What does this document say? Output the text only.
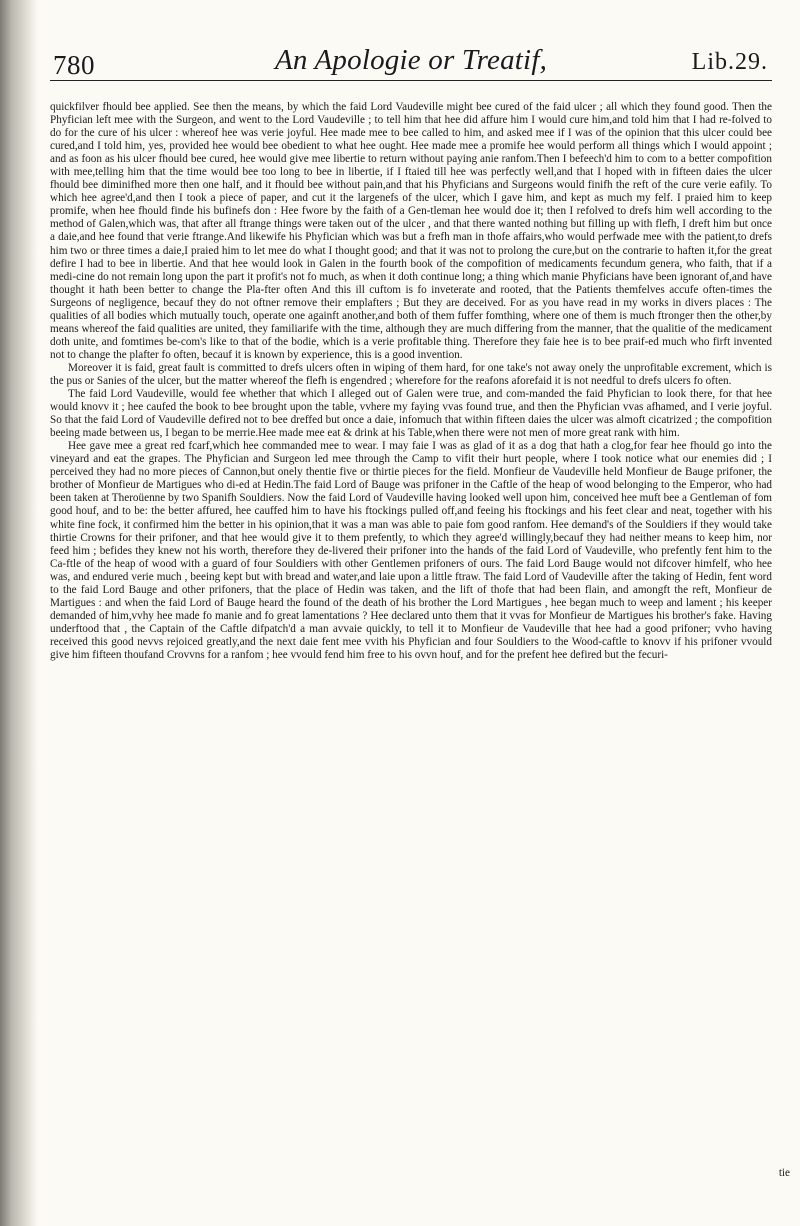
780	An Apologie or Treatif,	Lib.29.

quickfilver fhould bee applied. See then the means, by which the faid Lord Vaudeville might bee cured of the faid ulcer ; all which they found good. Then the Phyfician left mee with the Surgeon, and went to the Lord Vaudeville ; to tell him that hee did affure him I would cure him,and told him that I had re-folved to do for the cure of his ulcer : whereof hee was verie joyful. Hee made mee to bee called to him, and asked mee if I was of the opinion that this ulcer could bee cured,and I told him, yes, provided hee would bee obedient to what hee ought. Hee made mee a promife hee would perform all things which I would appoint ; and as foon as his ulcer fhould bee cured, hee would give mee libertie to return without paying anie ranfom.Then I befeech'd him to com to a better compofition with mee,telling him that the time would bee too long to bee in libertie, if I ftaied till hee was perfectly well,and that I hoped with in fifteen daies the ulcer fhould bee diminifhed more then one half, and it fhould bee without pain,and that his Phyficians and Surgeons would finifh the reft of the cure verie eafily. To which hee agree'd,and then I took a piece of paper, and cut it the largenefs of the ulcer, which I gave him, and kept as much my felf. I praied him to keep promife, when hee fhould finde his bufinefs don : Hee fwore by the faith of a Gen-tleman hee would doe it; then I refolved to drefs him well according to the method of Galen,which was, that after all ftrange things were taken out of the ulcer , and that there wanted nothing but filling up with flefh, I dreft him but once a daie,and hee found that verie ftrange.And likewife his Phyfician which was but a frefh man in thofe affairs,who would perfwade mee with the patient,to drefs him two or three times a daie,I praied him to let mee do what I thought good; and that it was not to prolong the cure,but on the contrarie to haften it,for the great defire I had to bee in libertie. And that hee would look in Galen in the fourth book of the compofition of medicaments fecundum genera, who faith, that if a medi-cine do not remain long upon the part it profit's not fo much, as when it doth continue long; a thing which manie Phyficians have been ignorant of,and have thought it hath been better to change the Pla-fter often And this ill cuftom is fo inveterate and rooted, that the Patients themfelves accufe often-times the Surgeons of negligence, becauf they do not oftner remove their emplafters ; But they are deceived. For as you have read in my works in divers places : The qualities of all bodies which mutually touch, operate one againft another,and both of them fuffer fomthing, where one of them is much ftronger then the other,by means whereof the faid qualities are united, they familiarife with the time, although they are much differing from the manner, that the qualitie of the medicament doth unite, and fomtimes be-com's like to that of the bodie, which is a verie profitable thing. Therefore they faie hee is to bee praif-ed much who firft invented not to change the plafter fo often, becauf it is known by experience, this is a good invention.

Moreover it is faid, great fault is committed to drefs ulcers often in wiping of them hard, for one take's not away onely the unprofitable excrement, which is the pus or Sanies of the ulcer, but the matter whereof the flefh is engendred ; wherefore for the reafons aforefaid it is not needful to drefs ulcers fo often.

The faid Lord Vaudeville, would fee whether that which I alleged out of Galen were true, and com-manded the faid Phyfician to look there, for that hee would knovv it ; hee caufed the book to bee brought upon the table, vvhere my faying vvas found true, and then the Phyfician vvas afhamed, and I verie joyful. So that the faid Lord of Vaudeville defired not to bee dreffed but once a daie, infomuch that within fifteen daies the ulcer was almoft cicatrized ; the compofition beeing made between us, I began to be merrie.Hee made mee eat & drink at his Table,when there were not men of more great rank with him.

Hee gave mee a great red fcarf,which hee commanded mee to wear. I may faie I was as glad of it as a dog that hath a clog,for fear hee fhould go into the vineyard and eat the grapes. The Phyfician and Surgeon led mee through the Camp to vifit their hurt people, where I took notice what our enemies did ; I perceived they had no more pieces of Cannon,but onely thentie five or thirtie pieces for the field. Monfieur de Vaudeville held Monfieur de Bauge prifoner, the brother of Monfieur de Martigues who di-ed at Hedin.The faid Lord of Bauge was prifoner in the Caftle of the heap of wood belonging to the Emperor, who had been taken at Theroüenne by two Spanifh Souldiers. Now the faid Lord of Vaudeville having looked well upon him, conceived hee muft bee a Gentleman of fom good houf, and to be: the better affured, hee cauffed him to have his ftockings pulled off,and feeing his ftockings and his feet clear and neat, together with his white fine fock, it confirmed him the better in his opinion,that it was a man was able to paie fom good ranfom. Hee demand's of the Souldiers if they would take thirtie Crowns for their prifoner, and that hee would give it to them prefently, to which they agree'd willingly,becauf they had neither means to keep him, nor feed him ; befides they knew not his worth, therefore they de-livered their prifoner into the hands of the faid Lord of Vaudeville, who prefently fent him to the Ca-ftle of the heap of wood with a guard of four Souldiers with other Gentlemen prifoners of ours. The faid Lord Bauge would not difcover himfelf, who hee was, and endured verie much , beeing kept but with bread and water,and laie upon a little ftraw. The faid Lord of Vaudeville after the taking of Hedin, fent word to the faid Lord Bauge and other prifoners, that the place of Hedin was taken, and the lift of thofe that had been flain, and amongft the reft, Monfieur de Martigues : and when the faid Lord of Bauge heard the found of the death of his brother the Lord Martigues , hee began much to weep and lament ; his keeper demanded of him,vvhy hee made fo manie and fo great lamentations ? Hee declared unto them that it vvas for Monfieur de Martigues his brother's fake. Having underftood that , the Captain of the Caftle difpatch'd a man avvaie quickly, to tell it to Monfieur de Vaudeville that hee had a good prifoner; vvho having received this good nevvs rejoiced greatly,and the next daie fent mee vvith his Phyfician and four Souldiers to the Wood-caftle to knovv if his prifoner vvould give him fifteen thoufand Crovvns for a ranfom ; hee vvould fend him free to his ovvn houf, and for the prefent hee defired but the fecuri-

tie
